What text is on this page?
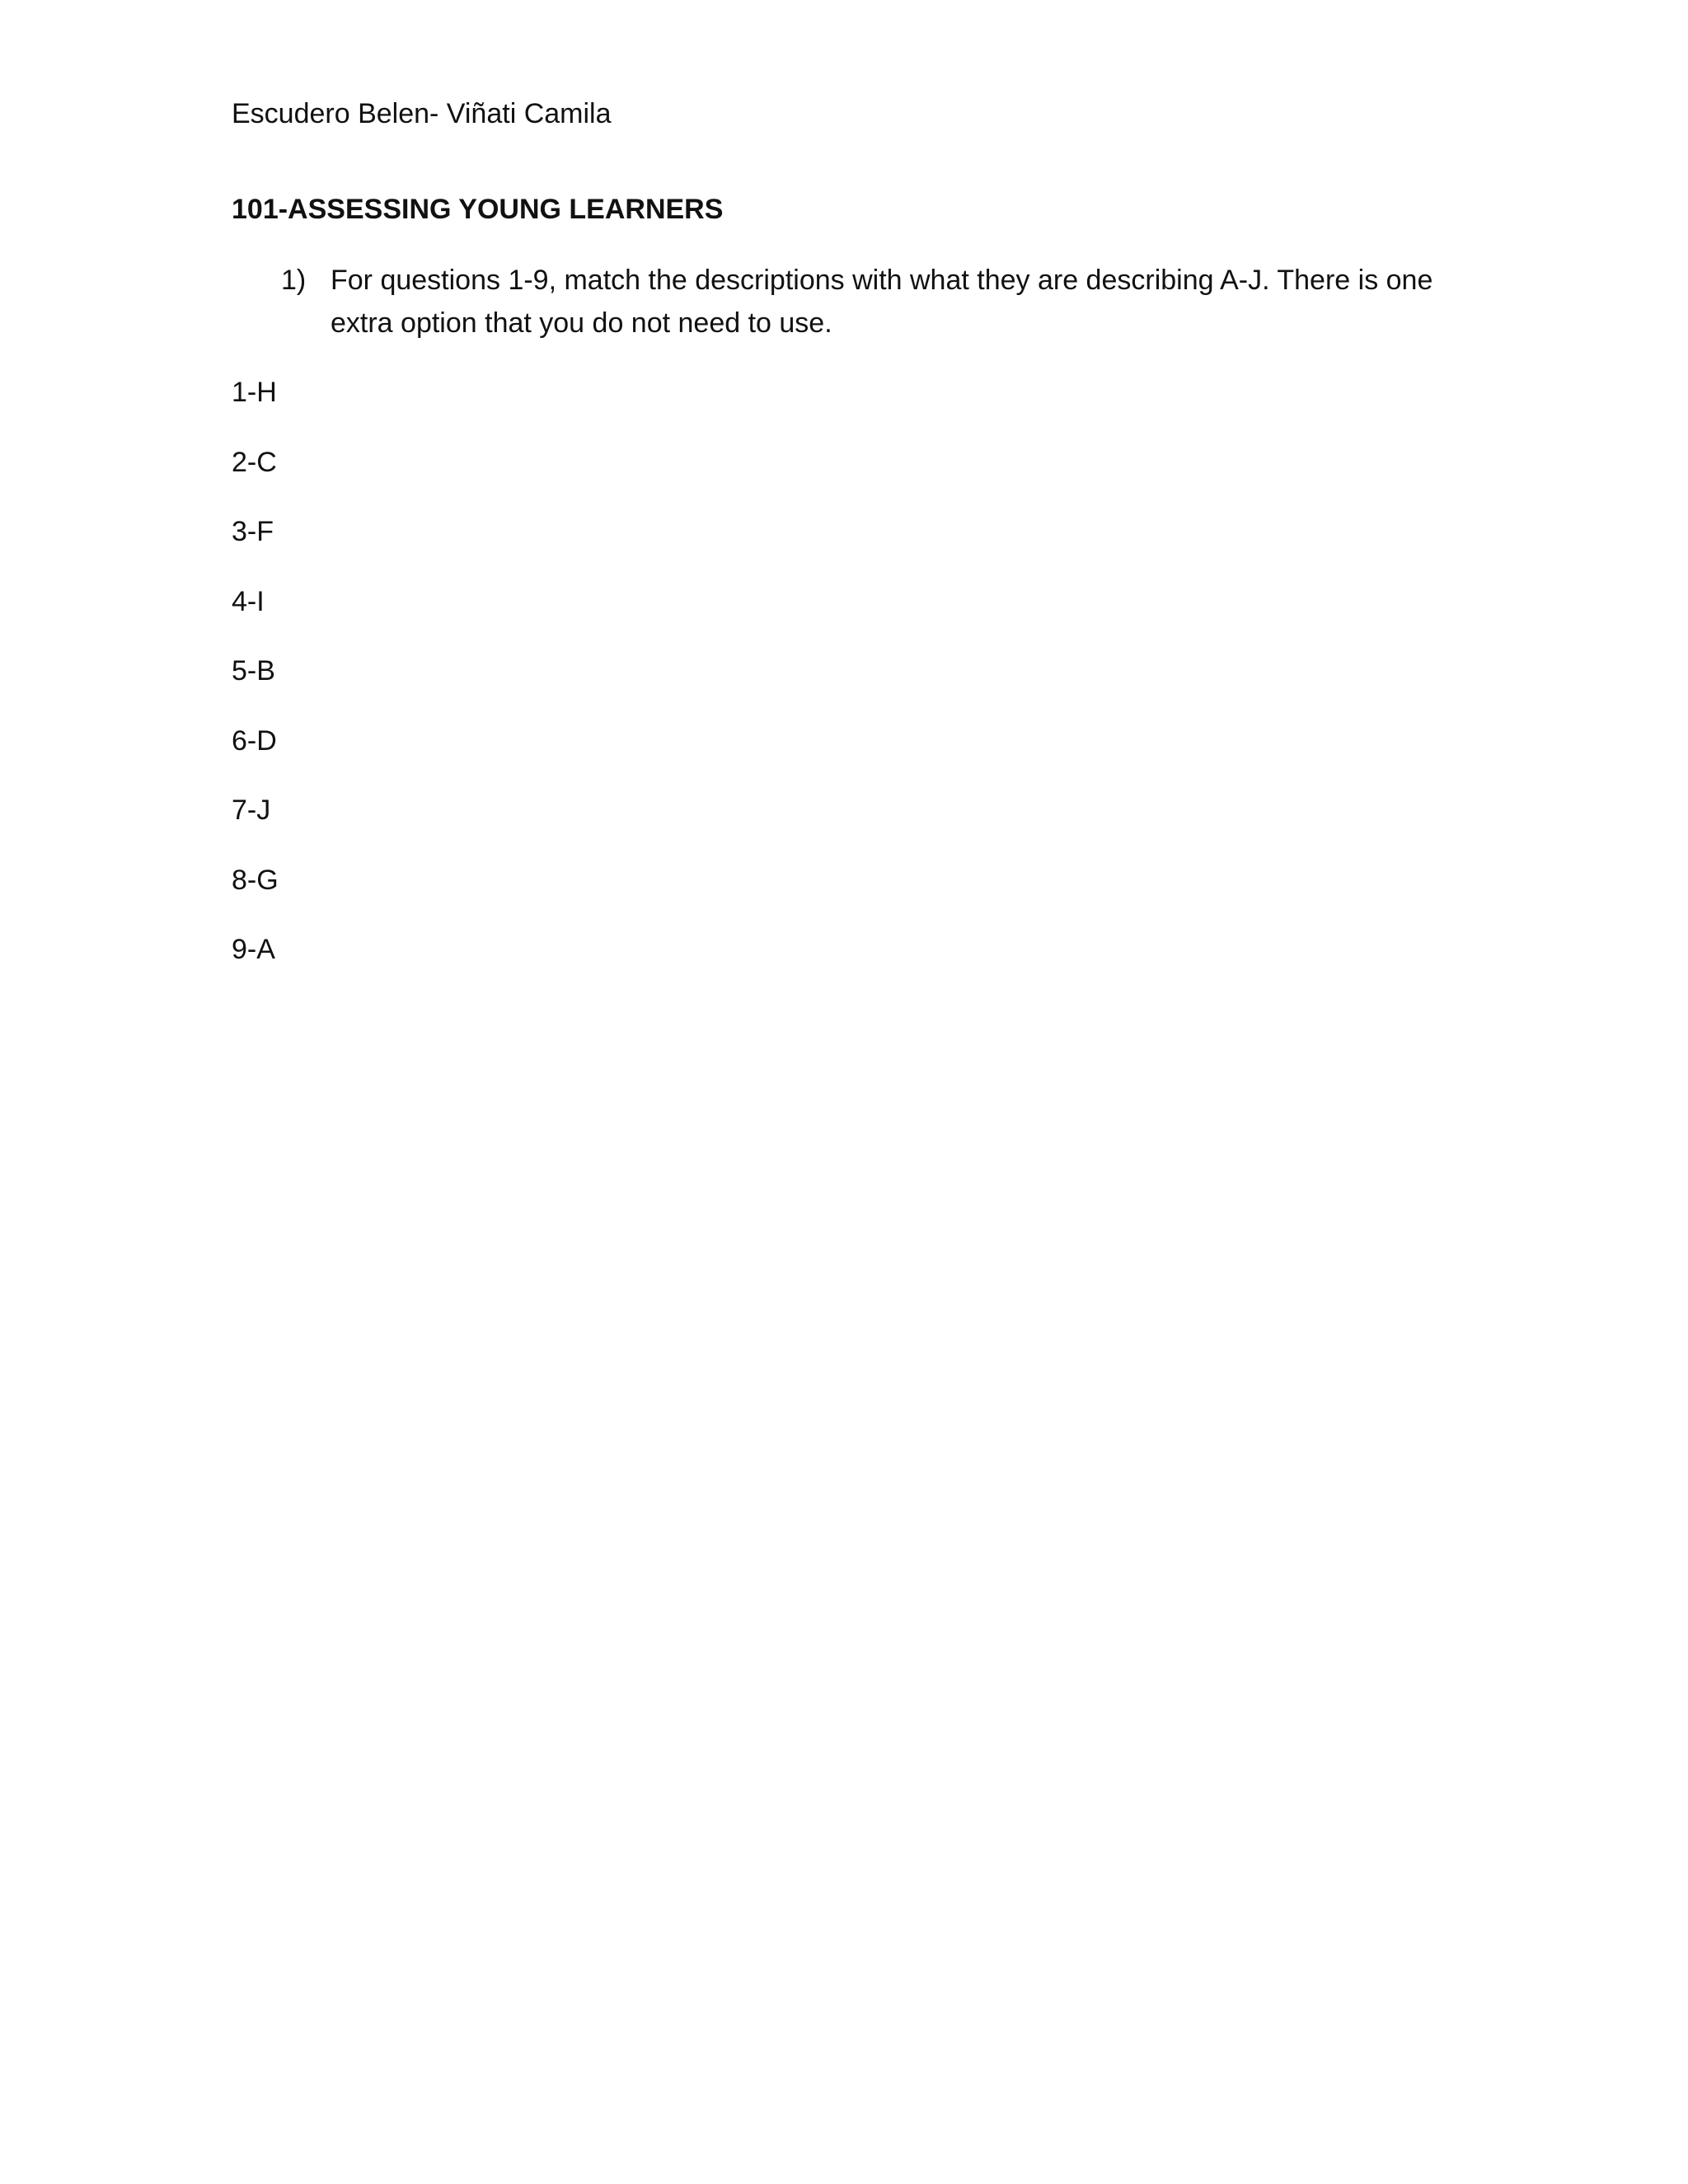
Escudero Belen- Viñati Camila
101-ASSESSING YOUNG LEARNERS
1) For questions 1-9, match the descriptions with what they are describing A-J. There is one extra option that you do not need to use.
1-H
2-C
3-F
4-I
5-B
6-D
7-J
8-G
9-A
